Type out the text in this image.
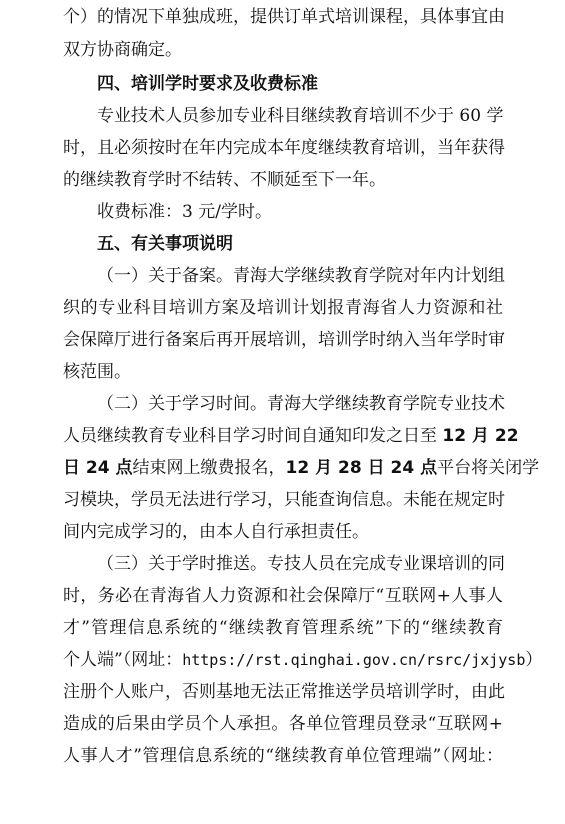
个）的情况下单独成班，提供订单式培训课程，具体事宜由
双方协商确定。
四、培训学时要求及收费标准
专业技术人员参加专业科目继续教育培训不少于 60 学
时，且必须按时在年内完成本年度继续教育培训，当年获得
的继续教育学时不结转、不顺延至下一年。
收费标准：3 元/学时。
五、有关事项说明
（一）关于备案。青海大学继续教育学院对年内计划组
织的专业科目培训方案及培训计划报青海省人力资源和社
会保障厅进行备案后再开展培训，培训学时纳入当年学时审
核范围。
（二）关于学习时间。青海大学继续教育学院专业技术
人员继续教育专业科目学习时间自通知印发之日至 12 月 22
日 24 点结束网上缴费报名，12 月 28 日 24 点平台将关闭学
习模块，学员无法进行学习，只能查询信息。未能在规定时
间内完成学习的，由本人自行承担责任。
（三）关于学时推送。专技人员在完成专业课培训的同
时，务必在青海省人力资源和社会保障厅“互联网+人事人
才”管理信息系统的“继续教育管理系统”下的“继续教育
个人端”（网址：https://rst.qinghai.gov.cn/rsrc/jxjysb）
注册个人账户，否则基地无法正常推送学员培训学时，由此
造成的后果由学员个人承担。各单位管理员登录“互联网+
人事人才”管理信息系统的“继续教育单位管理端”（网址：
